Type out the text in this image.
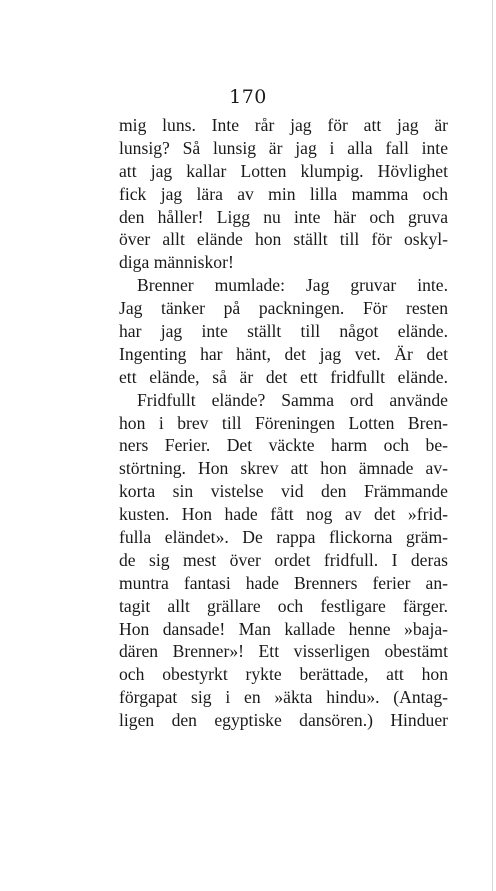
170
mig luns. Inte rår jag för att jag är
lunsig? Så lunsig är jag i alla fall inte
att jag kallar Lotten klumpig. Hövlighet
fick jag lära av min lilla mamma och
den håller! Ligg nu inte här och gruva
över allt elände hon ställt till för oskyl-
diga människor!
Brenner mumlade: Jag gruvar inte.
Jag tänker på packningen. För resten
har jag inte ställt till något elände.
Ingenting har hänt, det jag vet. Är det
ett elände, så är det ett fridfullt elände.
Fridfullt elände? Samma ord använde
hon i brev till Föreningen Lotten Bren-
ners Ferier. Det väckte harm och be-
störtning. Hon skrev att hon ämnade av-
korta sin vistelse vid den Främmande
kusten. Hon hade fått nog av det »frid-
fulla eländet». De rappa flickorna gräm-
de sig mest över ordet fridfull. I deras
muntra fantasi hade Brenners ferier an-
tagit allt grällare och festligare färger.
Hon dansade! Man kallade henne »baja-
dären Brenner»! Ett visserligen obestämt
och obestyrkt rykte berättade, att hon
förgapat sig i en »äkta hindu». (Antag-
ligen den egyptiske dansören.) Hinduer
